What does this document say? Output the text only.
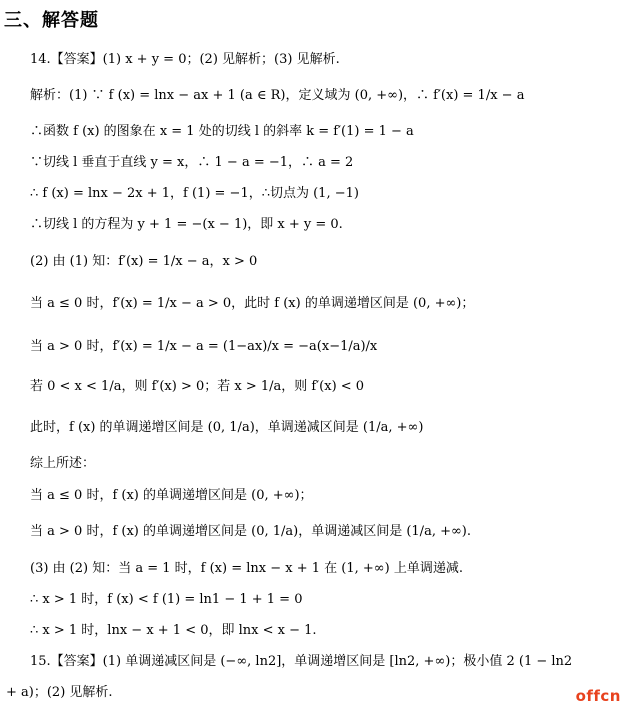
三、解答题
14.【答案】(1) x + y = 0；(2) 见解析；(3) 见解析.
解析：(1) ∵ f (x) = lnx − ax + 1 (a ∈ R)，定义域为 (0, +∞)，∴ f′(x) = 1/x − a
∴函数 f (x) 的图象在 x = 1 处的切线 l 的斜率 k = f′(1) = 1 − a
∵切线 l 垂直于直线 y = x，∴ 1 − a = −1，∴ a = 2
∴ f (x) = lnx − 2x + 1，f (1) = −1，∴切点为 (1, −1)
∴切线 l 的方程为 y + 1 = −(x − 1)，即 x + y = 0.
(2) 由 (1) 知：f′(x) = 1/x − a，x > 0
当 a ≤ 0 时，f′(x) = 1/x − a > 0，此时 f (x) 的单调递增区间是 (0, +∞)；
当 a > 0 时，f′(x) = 1/x − a = (1−ax)/x = −a(x−1/a)/x
若 0 < x < 1/a，则 f′(x) > 0；若 x > 1/a，则 f′(x) < 0
此时，f (x) 的单调递增区间是 (0, 1/a)，单调递减区间是 (1/a, +∞)
综上所述：
当 a ≤ 0 时，f (x) 的单调递增区间是 (0, +∞)；
当 a > 0 时，f (x) 的单调递增区间是 (0, 1/a)，单调递减区间是 (1/a, +∞).
(3) 由 (2) 知：当 a = 1 时，f (x) = lnx − x + 1 在 (1, +∞) 上单调递减.
∴ x > 1 时，f (x) < f (1) = ln1 − 1 + 1 = 0
∴ x > 1 时，lnx − x + 1 < 0，即 lnx < x − 1.
15.【答案】(1) 单调递减区间是 (−∞, ln2]，单调递增区间是 [ln2, +∞)；极小值 2 (1 − ln2
+ a)；(2) 见解析.	offcn
